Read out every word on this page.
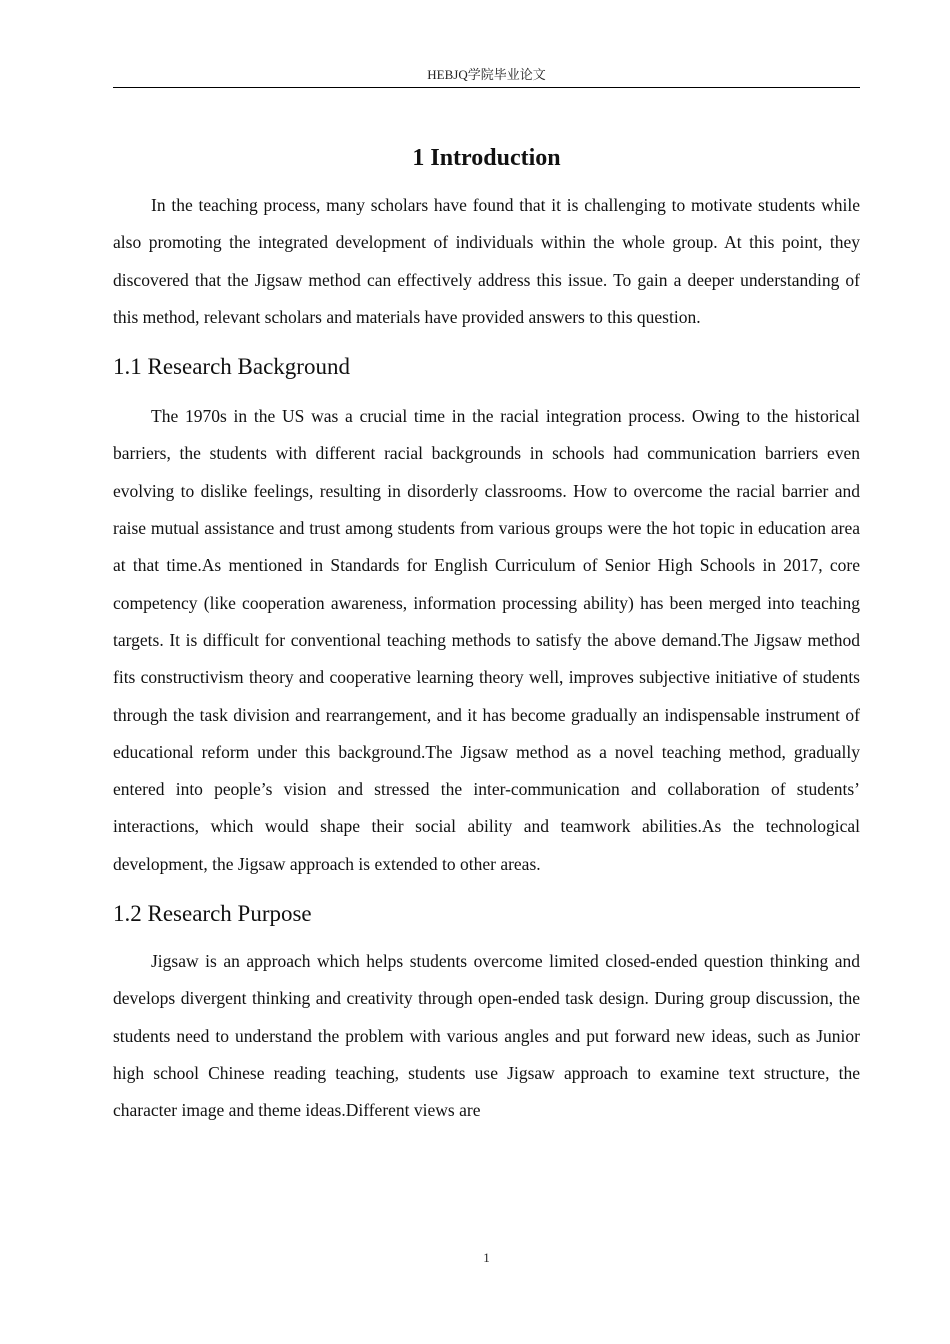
HEBJQ学院毕业论文
1 Introduction

In the teaching process, many scholars have found that it is challenging to motivate students while also promoting the integrated development of individuals within the whole group. At this point, they discovered that the Jigsaw method can effectively address this issue. To gain a deeper understanding of this method, relevant scholars and materials have provided answers to this question.

1.1 Research Background

The 1970s in the US was a crucial time in the racial integration process. Owing to the historical barriers, the students with different racial backgrounds in schools had communication barriers even evolving to dislike feelings, resulting in disorderly classrooms. How to overcome the racial barrier and raise mutual assistance and trust among students from various groups were the hot topic in education area at that time.As mentioned in Standards for English Curriculum of Senior High Schools in 2017, core competency (like cooperation awareness, information processing ability) has been merged into teaching targets. It is difficult for conventional teaching methods to satisfy the above demand.The Jigsaw method fits constructivism theory and cooperative learning theory well, improves subjective initiative of students through the task division and rearrangement, and it has become gradually an indispensable instrument of educational reform under this background.The Jigsaw method as a novel teaching method, gradually entered into people’s vision and stressed the inter-communication and collaboration of students’ interactions, which would shape their social ability and teamwork abilities.As the technological development, the Jigsaw approach is extended to other areas.

1.2 Research Purpose

Jigsaw is an approach which helps students overcome limited closed-ended question thinking and develops divergent thinking and creativity through open-ended task design. During group discussion, the students need to understand the problem with various angles and put forward new ideas, such as Junior high school Chinese reading teaching, students use Jigsaw approach to examine text structure, the character image and theme ideas.Different views are

1
